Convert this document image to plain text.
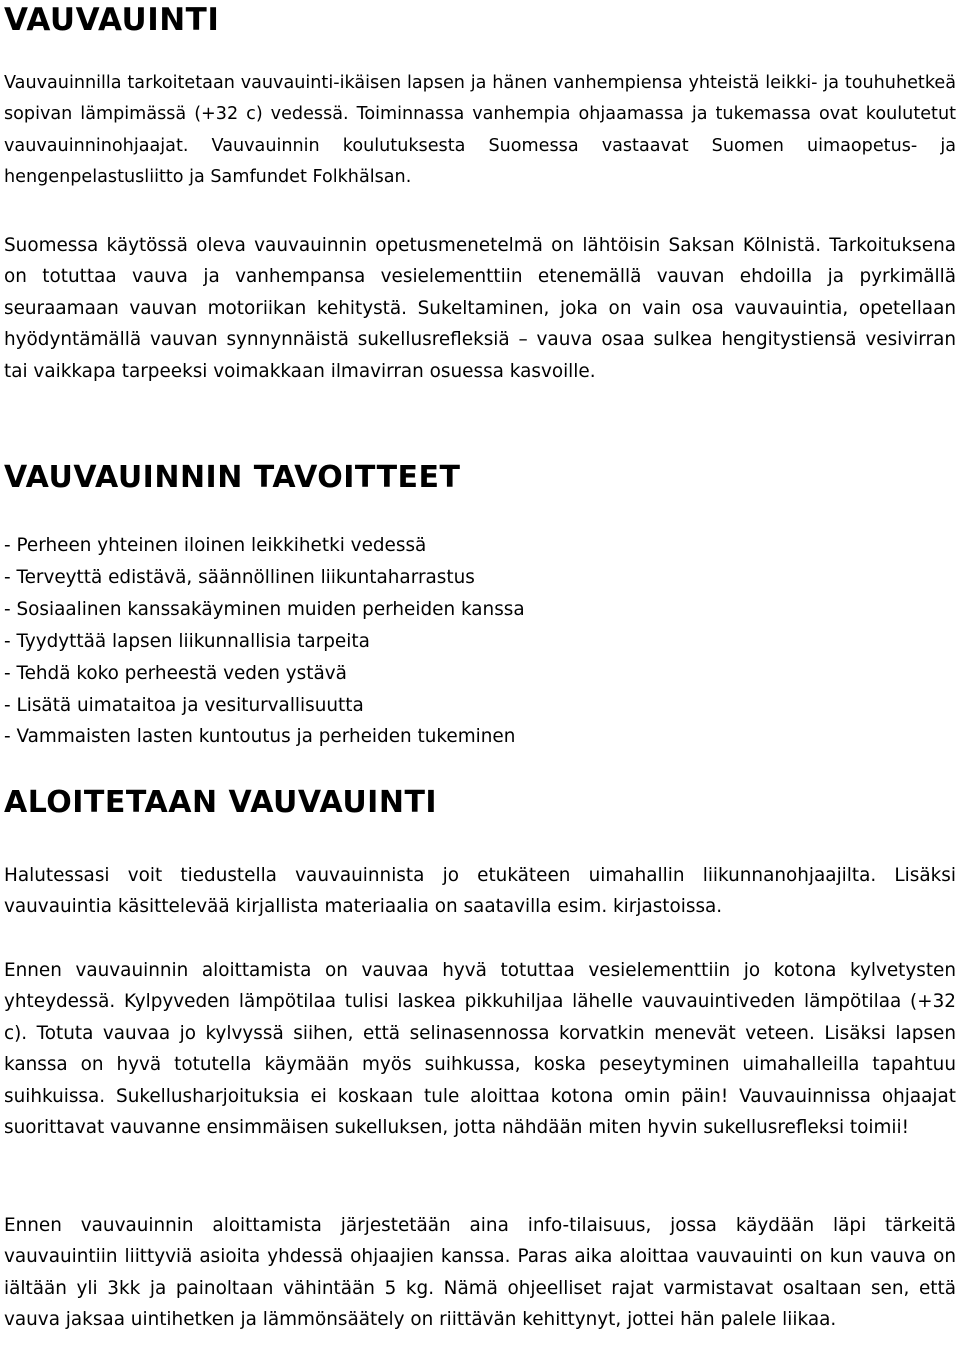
VAUVAUINTI

Vauvauinnilla tarkoitetaan vauvauinti-ikäisen lapsen ja hänen vanhempiensa yhteistä leikki- ja touhuhetkeä sopivan lämpimässä (+32 c) vedessä. Toiminnassa vanhempia ohjaamassa ja tukemassa ovat koulutetut vauvauinninohjaajat. Vauvauinnin koulutuksesta Suomessa vastaavat Suomen uimaopetus- ja hengenpelastusliitto ja Samfundet Folkhälsan.

Suomessa käytössä oleva vauvauinnin opetusmenetelmä on lähtöisin Saksan Kölnistä. Tarkoituksena on totuttaa vauva ja vanhempansa vesielementtiin etenemällä vauvan ehdoilla ja pyrkimällä seuraamaan vauvan motoriikan kehitystä. Sukeltaminen, joka on vain osa vauvauintia, opetellaan hyödyntämällä vauvan synnynnäistä sukellusrefleksiä – vauva osaa sulkea hengitystiensä vesivirran tai vaikkapa tarpeeksi voimakkaan ilmavirran osuessa kasvoille.

VAUVAUINNIN TAVOITTEET
- Perheen yhteinen iloinen leikkihetki vedessä
- Terveyttä edistävä, säännöllinen liikuntaharrastus
- Sosiaalinen kanssakäyminen muiden perheiden kanssa
- Tyydyttää lapsen liikunnallisia tarpeita
- Tehdä koko perheestä veden ystävä
- Lisätä uimataitoa ja vesiturvallisuutta
- Vammaisten lasten kuntoutus ja perheiden tukeminen
ALOITETAAN VAUVAUINTI

Halutessasi voit tiedustella vauvauinnista jo etukäteen uimahallin liikunnanohjaajilta. Lisäksi vauvauintia käsittelevää kirjallista materiaalia on saatavilla esim. kirjastoissa.

Ennen vauvauinnin aloittamista on vauvaa hyvä totuttaa vesielementtiin jo kotona kylvetysten yhteydessä. Kylpyveden lämpötilaa tulisi laskea pikkuhiljaa lähelle vauvauintiveden lämpötilaa (+32 c). Totuta vauvaa jo kylvyssä siihen, että selinasennossa korvatkin menevät veteen. Lisäksi lapsen kanssa on hyvä totutella käymään myös suihkussa, koska peseytyminen uimahalleilla tapahtuu suihkuissa. Sukellusharjoituksia ei koskaan tule aloittaa kotona omin päin! Vauvauinnissa ohjaajat suorittavat vauvanne ensimmäisen sukelluksen, jotta nähdään miten hyvin sukellusrefleksi toimii!

Ennen vauvauinnin aloittamista järjestetään aina info-tilaisuus, jossa käydään läpi tärkeitä vauvauintiin liittyviä asioita yhdessä ohjaajien kanssa. Paras aika aloittaa vauvauinti on kun vauva on iältään yli 3kk ja painoltaan vähintään 5 kg. Nämä ohjeelliset rajat varmistavat osaltaan sen, että vauva jaksaa uintihetken ja lämmönsäätely on riittävän kehittynyt, jottei hän palele liikaa.
